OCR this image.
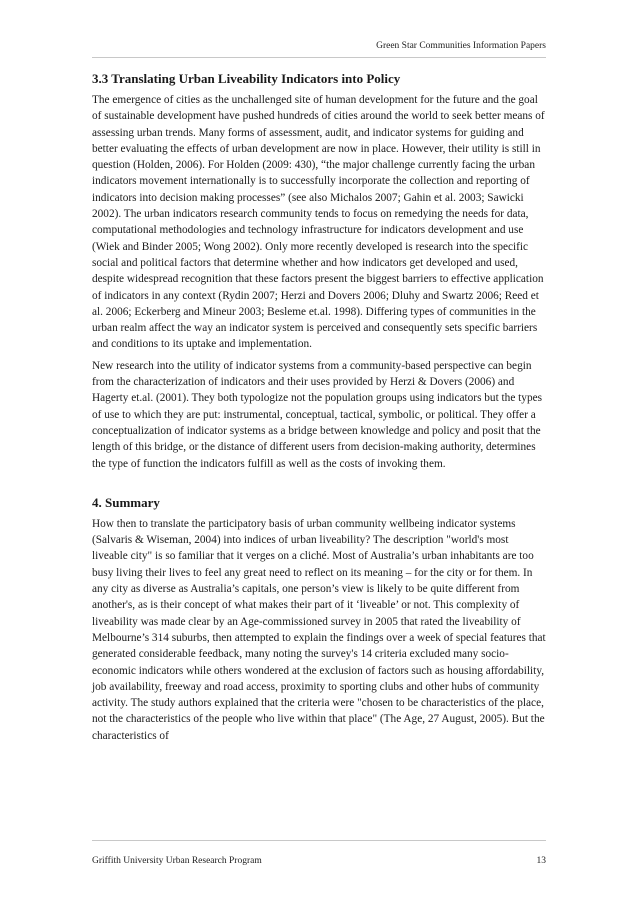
Green Star Communities Information Papers
3.3 Translating Urban Liveability Indicators into Policy

The emergence of cities as the unchallenged site of human development for the future and the goal of sustainable development have pushed hundreds of cities around the world to seek better means of assessing urban trends. Many forms of assessment, audit, and indicator systems for guiding and better evaluating the effects of urban development are now in place. However, their utility is still in question (Holden, 2006). For Holden (2009: 430), “the major challenge currently facing the urban indicators movement internationally is to successfully incorporate the collection and reporting of indicators into decision making processes” (see also Michalos 2007; Gahin et al. 2003; Sawicki 2002). The urban indicators research community tends to focus on remedying the needs for data, computational methodologies and technology infrastructure for indicators development and use (Wiek and Binder 2005; Wong 2002). Only more recently developed is research into the specific social and political factors that determine whether and how indicators get developed and used, despite widespread recognition that these factors present the biggest barriers to effective application of indicators in any context (Rydin 2007; Herzi and Dovers 2006; Dluhy and Swartz 2006; Reed et al. 2006; Eckerberg and Mineur 2003; Besleme et.al. 1998). Differing types of communities in the urban realm affect the way an indicator system is perceived and consequently sets specific barriers and conditions to its uptake and implementation.

New research into the utility of indicator systems from a community-based perspective can begin from the characterization of indicators and their uses provided by Herzi & Dovers (2006) and Hagerty et.al. (2001). They both typologize not the population groups using indicators but the types of use to which they are put: instrumental, conceptual, tactical, symbolic, or political. They offer a conceptualization of indicator systems as a bridge between knowledge and policy and posit that the length of this bridge, or the distance of different users from decision-making authority, determines the type of function the indicators fulfill as well as the costs of invoking them.

4. Summary

How then to translate the participatory basis of urban community wellbeing indicator systems (Salvaris & Wiseman, 2004) into indices of urban liveability? The description "world's most liveable city" is so familiar that it verges on a cliché. Most of Australia’s urban inhabitants are too busy living their lives to feel any great need to reflect on its meaning – for the city or for them. In any city as diverse as Australia’s capitals, one person’s view is likely to be quite different from another's, as is their concept of what makes their part of it ‘liveable’ or not. This complexity of liveability was made clear by an Age-commissioned survey in 2005 that rated the liveability of Melbourne’s 314 suburbs, then attempted to explain the findings over a week of special features that generated considerable feedback, many noting the survey's 14 criteria excluded many socio-economic indicators while others wondered at the exclusion of factors such as housing affordability, job availability, freeway and road access, proximity to sporting clubs and other hubs of community activity. The study authors explained that the criteria were "chosen to be characteristics of the place, not the characteristics of the people who live within that place" (The Age, 27 August, 2005). But the characteristics of

Griffith University Urban Research Program	13
